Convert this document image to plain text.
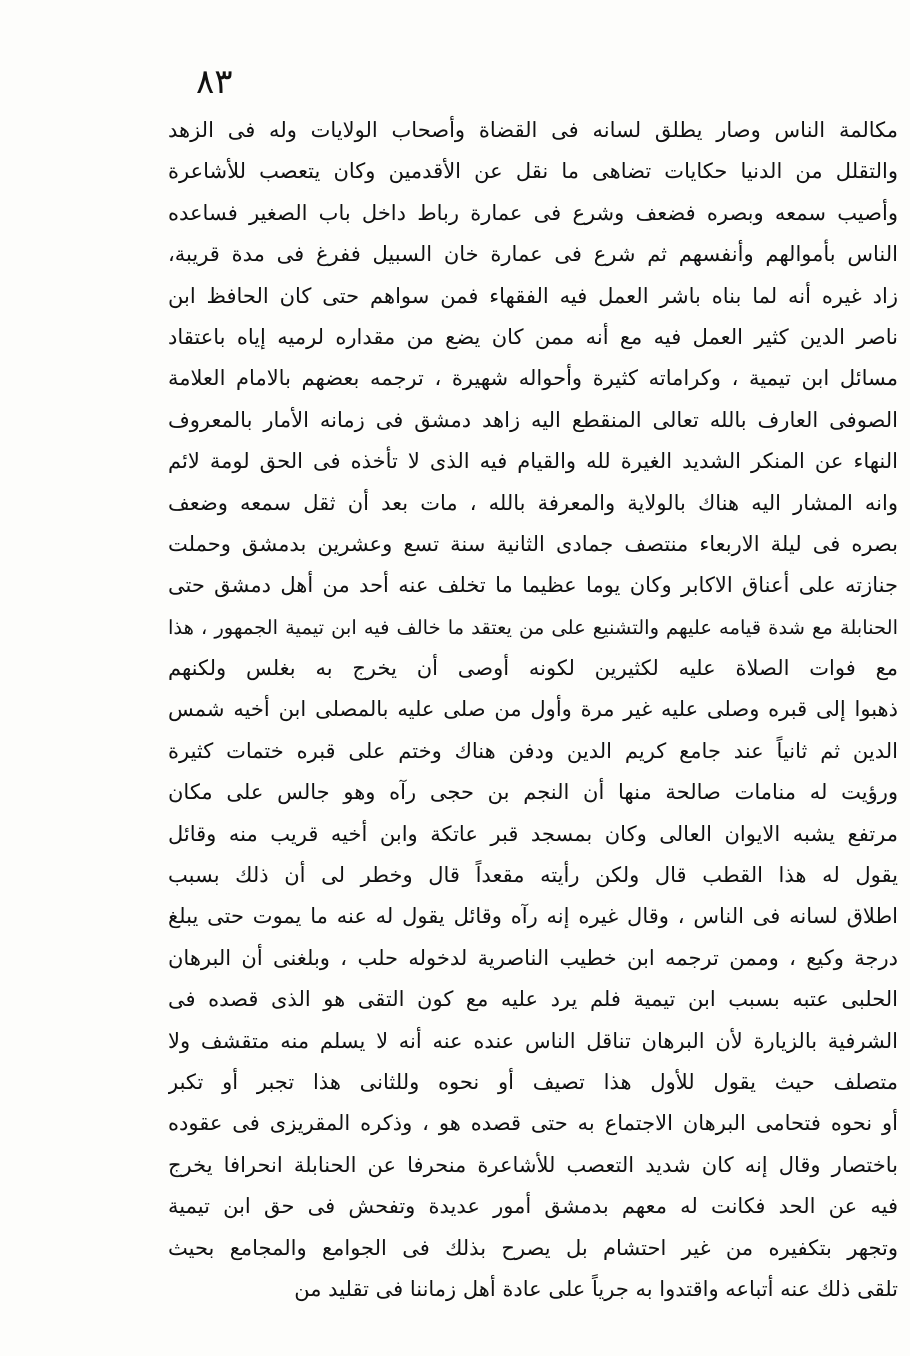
٨٣
مكالمة الناس وصار يطلق لسانه فى القضاة وأصحاب الولايات وله فى الزهد
والتقلل من الدنيا حكايات تضاهى ما نقل عن الأقدمين وكان يتعصب للأشاعرة
وأصيب سمعه وبصره فضعف وشرع فى عمارة رباط داخل باب الصغير فساعده
الناس بأموالهم وأنفسهم ثم شرع فى عمارة خان السبيل ففرغ فى مدة قريبة،
زاد غيره أنه لما بناه باشر العمل فيه الفقهاء فمن سواهم حتى كان الحافظ ابن
ناصر الدين كثير العمل فيه مع أنه ممن كان يضع من مقداره لرميه إياه باعتقاد
مسائل ابن تيمية ، وكراماته كثيرة وأحواله شهيرة ، ترجمه بعضهم بالامام العلامة
الصوفى العارف بالله تعالى المنقطع اليه زاهد دمشق فى زمانه الأمار بالمعروف
النهاء عن المنكر الشديد الغيرة لله والقيام فيه الذى لا تأخذه فى الحق لومة لائم
وانه المشار اليه هناك بالولاية والمعرفة بالله ، مات بعد أن ثقل سمعه وضعف
بصره فى ليلة الاربعاء منتصف جمادى الثانية سنة تسع وعشرين بدمشق وحملت
جنازته على أعناق الاكابر وكان يوما عظيما ما تخلف عنه أحد من أهل دمشق حتى
الحنابلة مع شدة قيامه عليهم والتشنيع على من يعتقد ما خالف فيه ابن تيمية الجمهور ، هذا
مع فوات الصلاة عليه لكثيرين لكونه أوصى أن يخرج به بغلس ولكنهم
ذهبوا إلى قبره وصلى عليه غير مرة وأول من صلى عليه بالمصلى ابن أخيه شمس
الدين ثم ثانياً عند جامع كريم الدين ودفن هناك وختم على قبره ختمات كثيرة
ورؤيت له منامات صالحة منها أن النجم بن حجى رآه وهو جالس على مكان
مرتفع يشبه الايوان العالى وكان بمسجد قبر عاتكة وابن أخيه قريب منه وقائل
يقول له هذا القطب قال ولكن رأيته مقعداً قال وخطر لى أن ذلك بسبب
اطلاق لسانه فى الناس ، وقال غيره إنه رآه وقائل يقول له عنه ما يموت حتى يبلغ
درجة وكيع ، وممن ترجمه ابن خطيب الناصرية لدخوله حلب ، وبلغنى أن البرهان
الحلبى عتبه بسبب ابن تيمية فلم يرد عليه مع كون التقى هو الذى قصده فى
الشرفية بالزيارة لأن البرهان تناقل الناس عنده عنه أنه لا يسلم منه متقشف ولا
متصلف حيث يقول للأول هذا تصيف أو نحوه وللثانى هذا تجبر أو تكبر
أو نحوه فتحامى البرهان الاجتماع به حتى قصده هو ، وذكره المقريزى فى عقوده
باختصار وقال إنه كان شديد التعصب للأشاعرة منحرفا عن الحنابلة انحرافا يخرج
فيه عن الحد فكانت له معهم بدمشق أمور عديدة وتفحش فى حق ابن تيمية
وتجهر بتكفيره من غير احتشام بل يصرح بذلك فى الجوامع والمجامع بحيث
تلقى ذلك عنه أتباعه واقتدوا به جرياً على عادة أهل زماننا فى تقليد من
